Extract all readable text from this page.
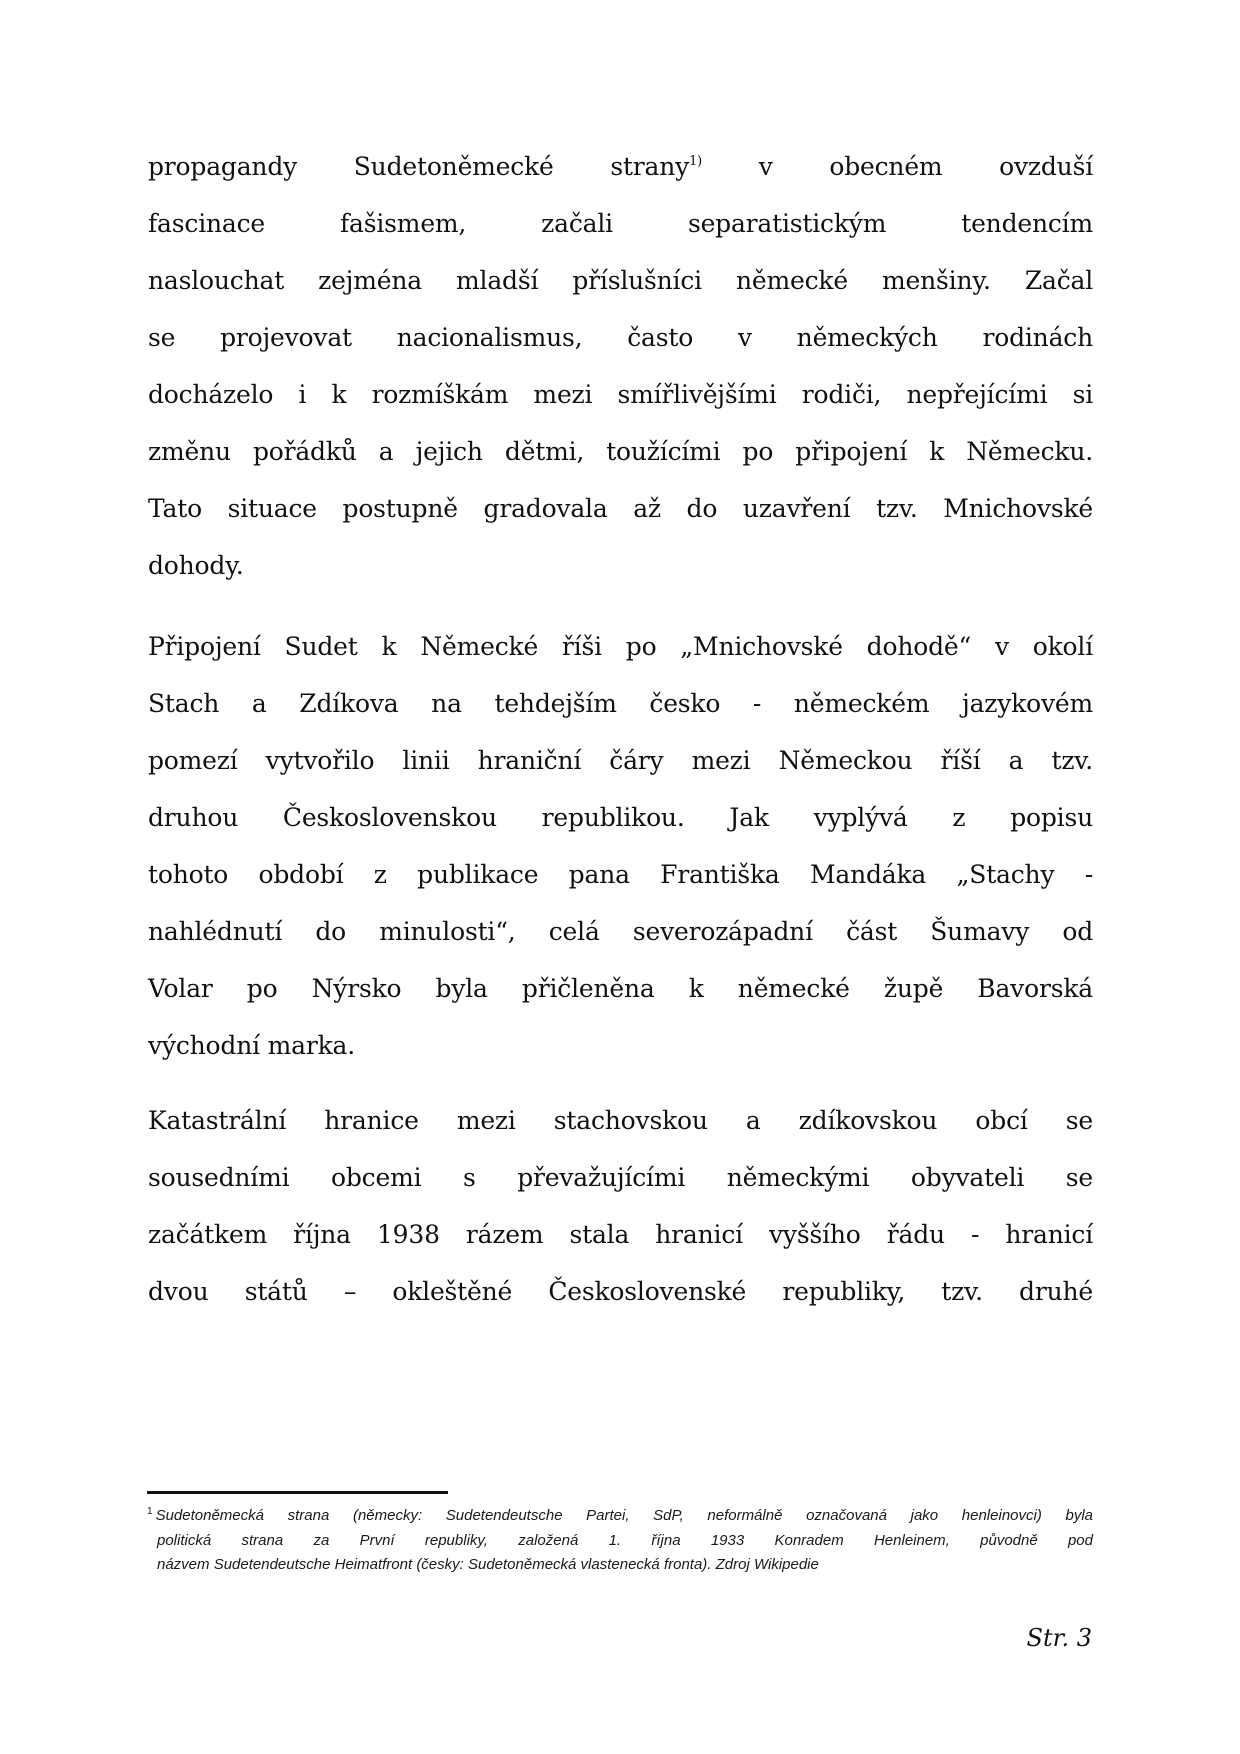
propagandy Sudetoněmecké strany$^{1)}$ v obecném ovzduší
fascinace fašismem, začali separatistickým tendencím
naslouchat zejména mladší příslušníci německé menšiny. Začal
se projevovat nacionalismus, často v německých rodinách
docházelo i k rozmíškám mezi smířlivějšími rodiči, nepřejícími si
změnu pořádků a jejich dětmi, toužícími po připojení k Německu.
Tato situace postupně gradovala až do uzavření tzv. Mnichovské
dohody.
Připojení Sudet k Německé říši po „Mnichovské dohodě“ v okolí
Stach a Zdíkova na tehdejším česko - německém jazykovém
pomezí vytvořilo linii hraniční čáry mezi Německou říší a tzv.
druhou Československou republikou. Jak vyplývá z popisu
tohoto období z publikace pana Františka Mandáka „Stachy -
nahlédnutí do minulosti“, celá severozápadní část Šumavy od
Volar po Nýrsko byla přičleněna k německé župě Bavorská
východní marka.
Katastrální hranice mezi stachovskou a zdíkovskou obcí se
sousedními obcemi s převažujícími německými obyvateli se
začátkem října 1938 rázem stala hranicí vyššího řádu - hranicí
dvou států – okleštěné Československé republiky, tzv. druhé
$^1$ Sudetoněmecká strana (německy: Sudetendeutsche Partei, SdP, neformálně označovaná jako henleinovci) byla
politická strana za První republiky, založená 1. října 1933 Konradem Henleinem, původně pod
názvem Sudetendeutsche Heimatfront (česky: Sudetoněmecká vlastenecká fronta). Zdroj Wikipedie
Str. 3
